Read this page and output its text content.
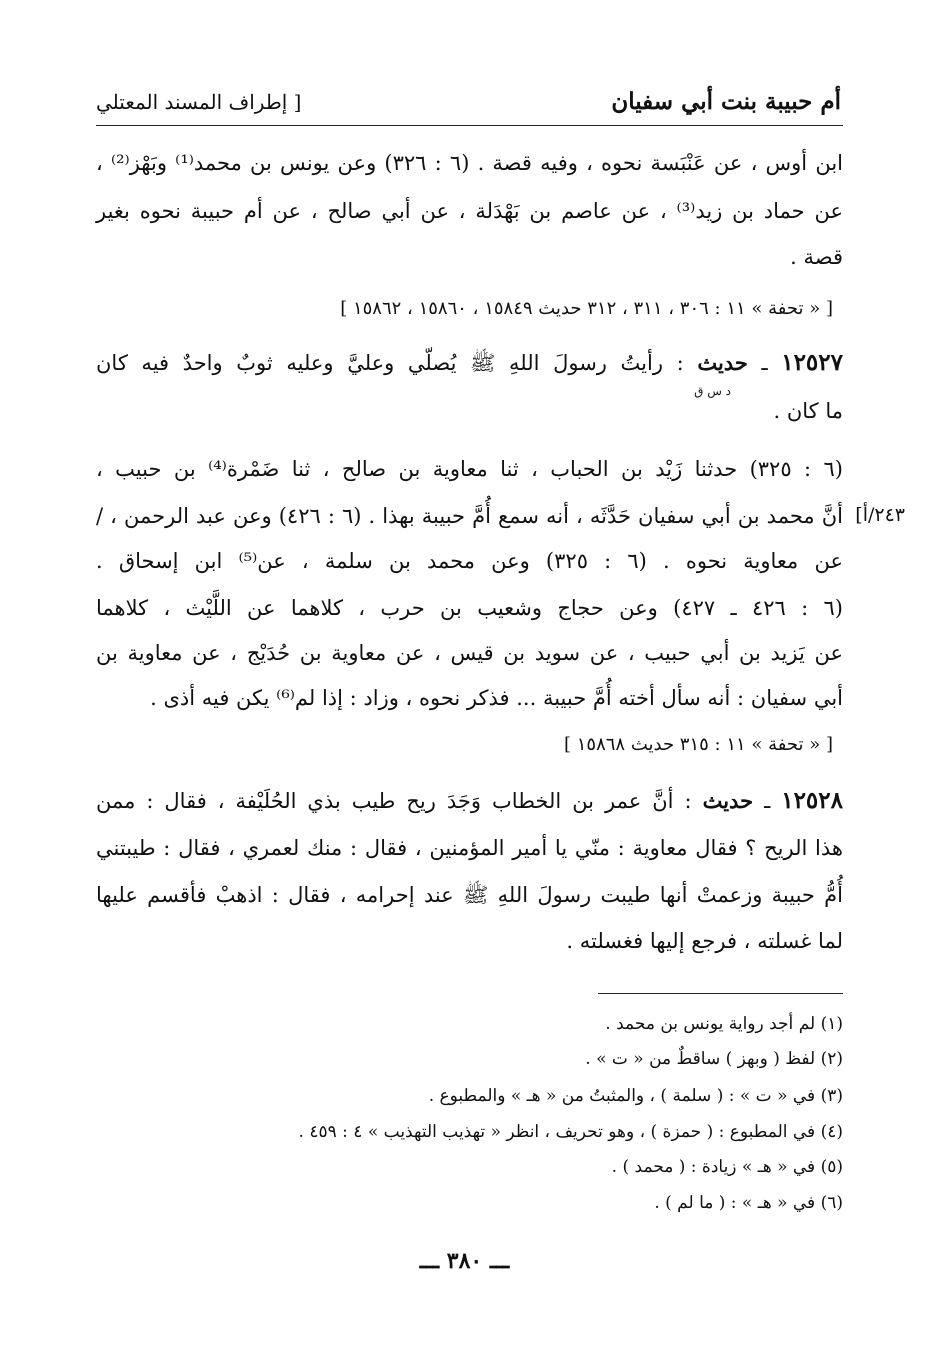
أم حبيبة بنت أبي سفيان
[ إطراف المسند المعتلي
ابن أوس ، عن عَنْبَسة نحوه ، وفيه قصة . (٦ : ٣٢٦) وعن يونس بن محمد⁽¹⁾ وبَهْز⁽²⁾ ،
عن حماد بن زيد⁽³⁾ ، عن عاصم بن بَهْدَلة ، عن أبي صالح ، عن أم حبيبة نحوه بغير
قصة .
[ « تحفة » ١١ : ٣٠٦ ، ٣١١ ، ٣١٢ حديث ١٥٨٤٩ ، ١٥٨٦٠ ، ١٥٨٦٢ ]
١٢٥٢٧ ـ حديث : رأيتُ رسولَ اللهِ ﷺ يُصلّي وعليَّ وعليه ثوبٌ واحدٌ فيه كان
د س ق
ما كان .
٢٤٣/أ]
(٦ : ٣٢٥) حدثنا زَيْد بن الحباب ، ثنا معاوية بن صالح ، ثنا ضَمْرة⁽⁴⁾ بن حبيب ،
أنَّ محمد بن أبي سفيان حَدَّثَه ، أنه سمع أُمَّ حبيبة بهذا . (٦ : ٤٢٦) وعن عبد الرحمن ، /
عن معاوية نحوه . (٦ : ٣٢٥) وعن محمد بن سلمة ، عن⁽⁵⁾ ابن إسحاق .
(٦ : ٤٢٦ ـ ٤٢٧) وعن حجاج وشعيب بن حرب ، كلاهما عن اللَّيْث ، كلاهما
عن يَزيد بن أبي حبيب ، عن سويد بن قيس ، عن معاوية بن حُدَيْج ، عن معاوية بن
أبي سفيان : أنه سأل أخته أُمَّ حبيبة ... فذكر نحوه ، وزاد : إذا لم⁽⁶⁾ يكن فيه أذى .
[ « تحفة » ١١ : ٣١٥ حديث ١٥٨٦٨ ]
١٢٥٢٨ ـ حديث : أنَّ عمر بن الخطاب وَجَدَ ريح طيب بذي الحُلَيْفة ، فقال : ممن
هذا الريح ؟ فقال معاوية : منّي يا أمير المؤمنين ، فقال : منك لعمري ، فقال : طيبتني
أُمُّ حبيبة وزعمتْ أنها طيبت رسولَ اللهِ ﷺ عند إحرامه ، فقال : اذهبْ فأقسم عليها
لما غسلته ، فرجع إليها فغسلته .
(١) لم أجد رواية يونس بن محمد .
(٢) لفظ ( وبهز ) ساقطٌ من « ت » .
(٣) في « ت » : ( سلمة ) ، والمثبتُ من « هـ » والمطبوع .
(٤) في المطبوع : ( حمزة ) ، وهو تحريف ، انظر « تهذيب التهذيب » ٤ : ٤٥٩ .
(٥) في « هـ » زيادة : ( محمد ) .
(٦) في « هـ » : ( ما لم ) .
ـــ ٣٨٠ ـــ
